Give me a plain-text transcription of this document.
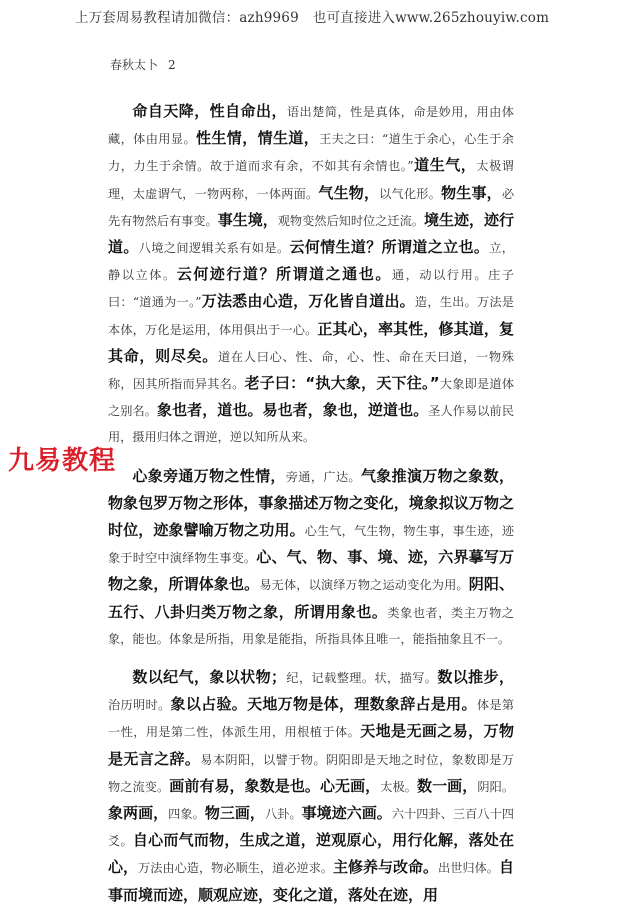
上万套周易教程请加微信：azh9969 也可直接进入www.265zhouyiw.com
春秋太卜 2
九易教程

命自天降，性自命出，语出楚简，性是真体，命是妙用，用由体藏，体由用显。性生情，情生道，王夫之曰：“道生于余心，心生于余力，力生于余情。故于道而求有余，不如其有余情也。”道生气，太极谓理，太虚谓气，一物两称，一体两面。气生物，以气化形。物生事，必先有物然后有事变。事生境，观物变然后知时位之迁流。境生迹，迹行道。八境之间逻辑关系有如是。云何情生道？所谓道之立也。立，静以立体。云何迹行道？所谓道之通也。通，动以行用。庄子曰：“道通为一。”万法悉由心造，万化皆自道出。造，生出。万法是本体，万化是运用，体用俱出于一心。正其心，率其性，修其道，复其命，则尽矣。道在人曰心、性、命，心、性、命在天曰道，一物殊称，因其所指而异其名。老子曰：“执大象，天下往。”大象即是道体之别名。象也者，道也。易也者，象也，逆道也。圣人作易以前民用，摄用归体之谓逆，逆以知所从来。

心象旁通万物之性情，旁通，广达。气象推演万物之象数，物象包罗万物之形体，事象描述万物之变化，境象拟议万物之时位，迹象譬喻万物之功用。心生气，气生物，物生事，事生迹，迹象于时空中演绎物生事变。心、气、物、事、境、迹，六界摹写万物之象，所谓体象也。易无体，以演绎万物之运动变化为用。阴阳、五行、八卦归类万物之象，所谓用象也。类象也者，类主万物之象，能也。体象是所指，用象是能指，所指具体且唯一，能指抽象且不一。

数以纪气，象以状物；纪，记载整理。状，描写。数以推步，治历明时。象以占验。天地万物是体，理数象辞占是用。体是第一性，用是第二性，体派生用，用根植于体。天地是无画之易，万物是无言之辞。易本阴阳，以譬于物。阴阳即是天地之时位，象数即是万物之流变。画前有易，象数是也。心无画，太极。数一画，阴阳。象两画，四象。物三画，八卦。事境迹六画。六十四卦、三百八十四爻。自心而气而物，生成之道，逆观原心，用行化解，落处在心，万法由心造，物必顺生，道必逆求。主修养与改命。出世归体。自事而境而迹，顺观应迹，变化之道，落处在迹，用
